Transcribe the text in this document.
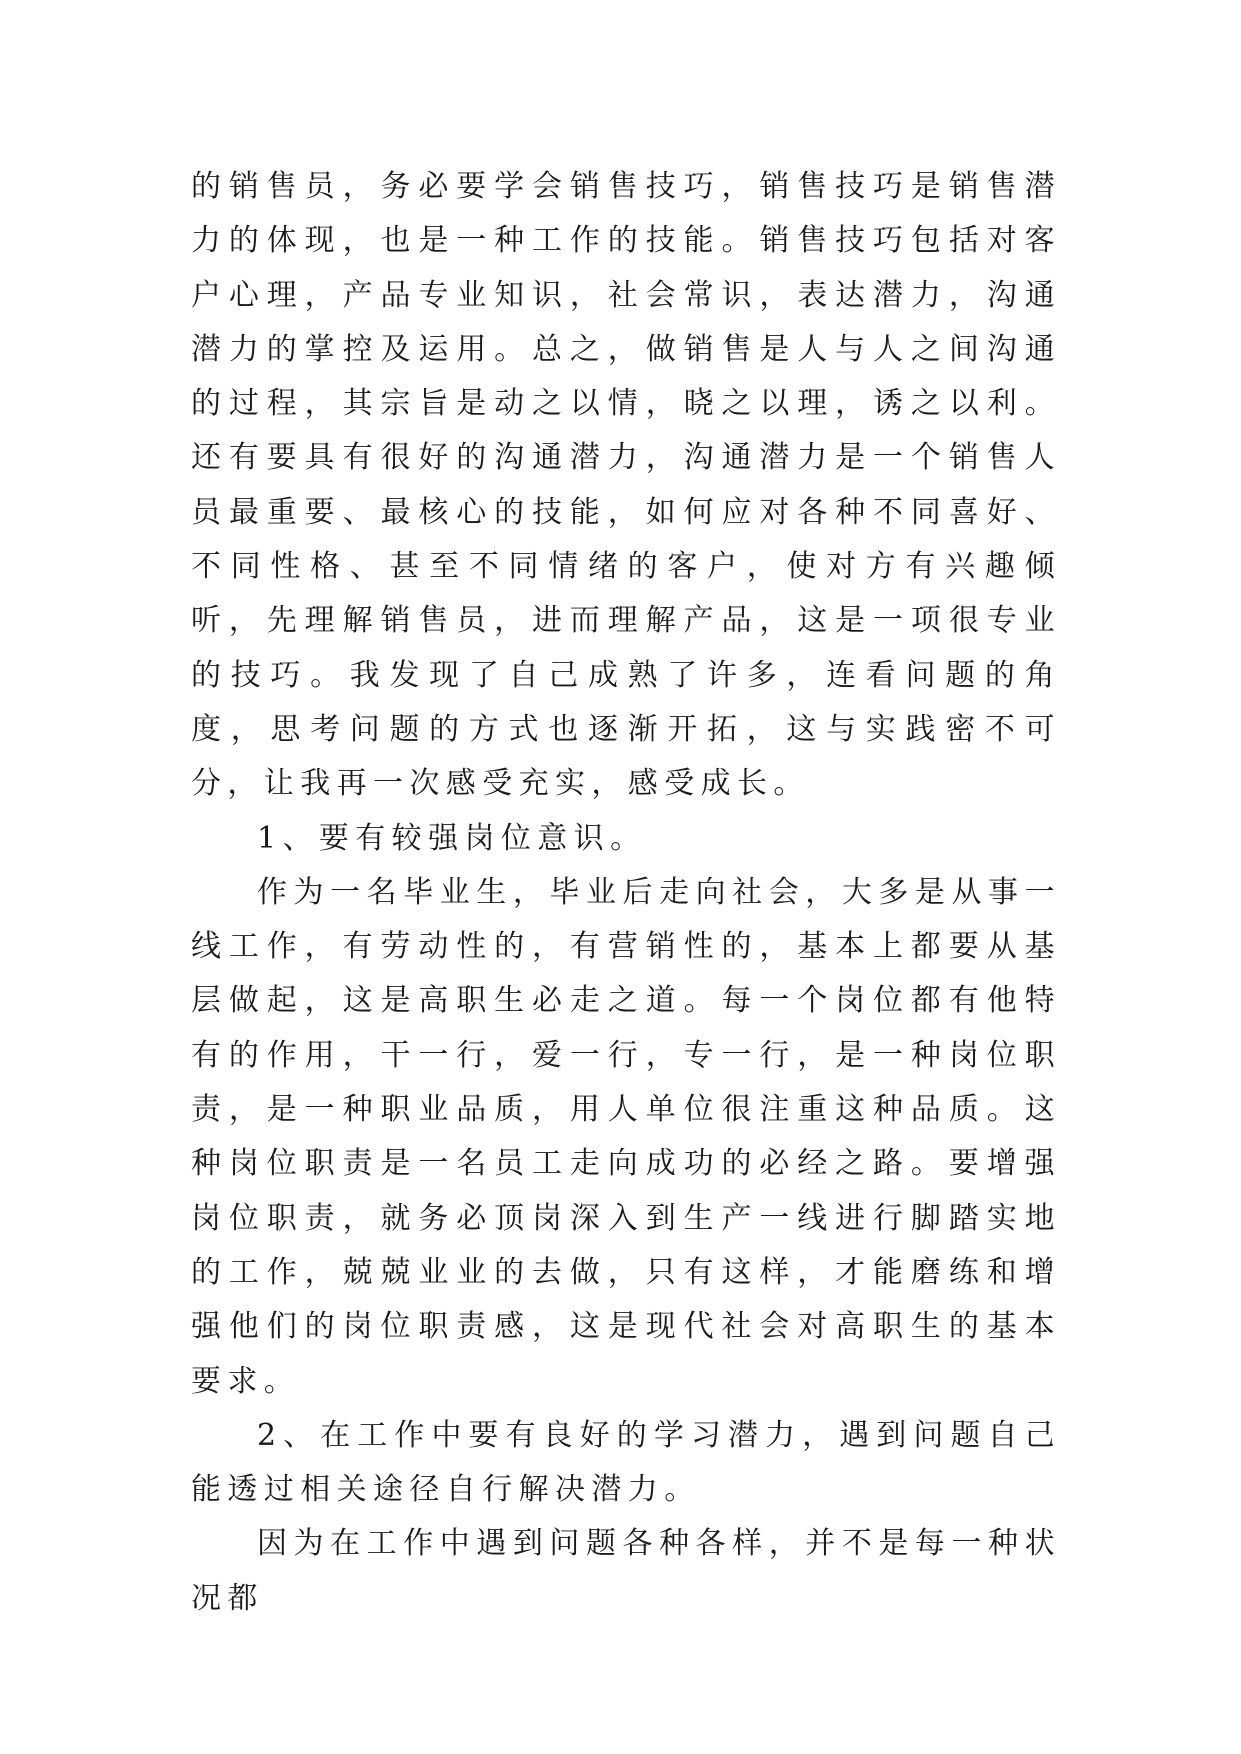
的销售员，务必要学会销售技巧，销售技巧是销售潜力的体现，也是一种工作的技能。销售技巧包括对客户心理，产品专业知识，社会常识，表达潜力，沟通潜力的掌控及运用。总之，做销售是人与人之间沟通的过程，其宗旨是动之以情，晓之以理，诱之以利。还有要具有很好的沟通潜力，沟通潜力是一个销售人员最重要、最核心的技能，如何应对各种不同喜好、不同性格、甚至不同情绪的客户，使对方有兴趣倾听，先理解销售员，进而理解产品，这是一项很专业的技巧。我发现了自己成熟了许多，连看问题的角度，思考问题的方式也逐渐开拓，这与实践密不可分，让我再一次感受充实，感受成长。

1、要有较强岗位意识。

作为一名毕业生，毕业后走向社会，大多是从事一线工作，有劳动性的，有营销性的，基本上都要从基层做起，这是高职生必走之道。每一个岗位都有他特有的作用，干一行，爱一行，专一行，是一种岗位职责，是一种职业品质，用人单位很注重这种品质。这种岗位职责是一名员工走向成功的必经之路。要增强岗位职责，就务必顶岗深入到生产一线进行脚踏实地的工作，兢兢业业的去做，只有这样，才能磨练和增强他们的岗位职责感，这是现代社会对高职生的基本要求。

2、在工作中要有良好的学习潜力，遇到问题自己能透过相关途径自行解决潜力。

因为在工作中遇到问题各种各样，并不是每一种状况都
